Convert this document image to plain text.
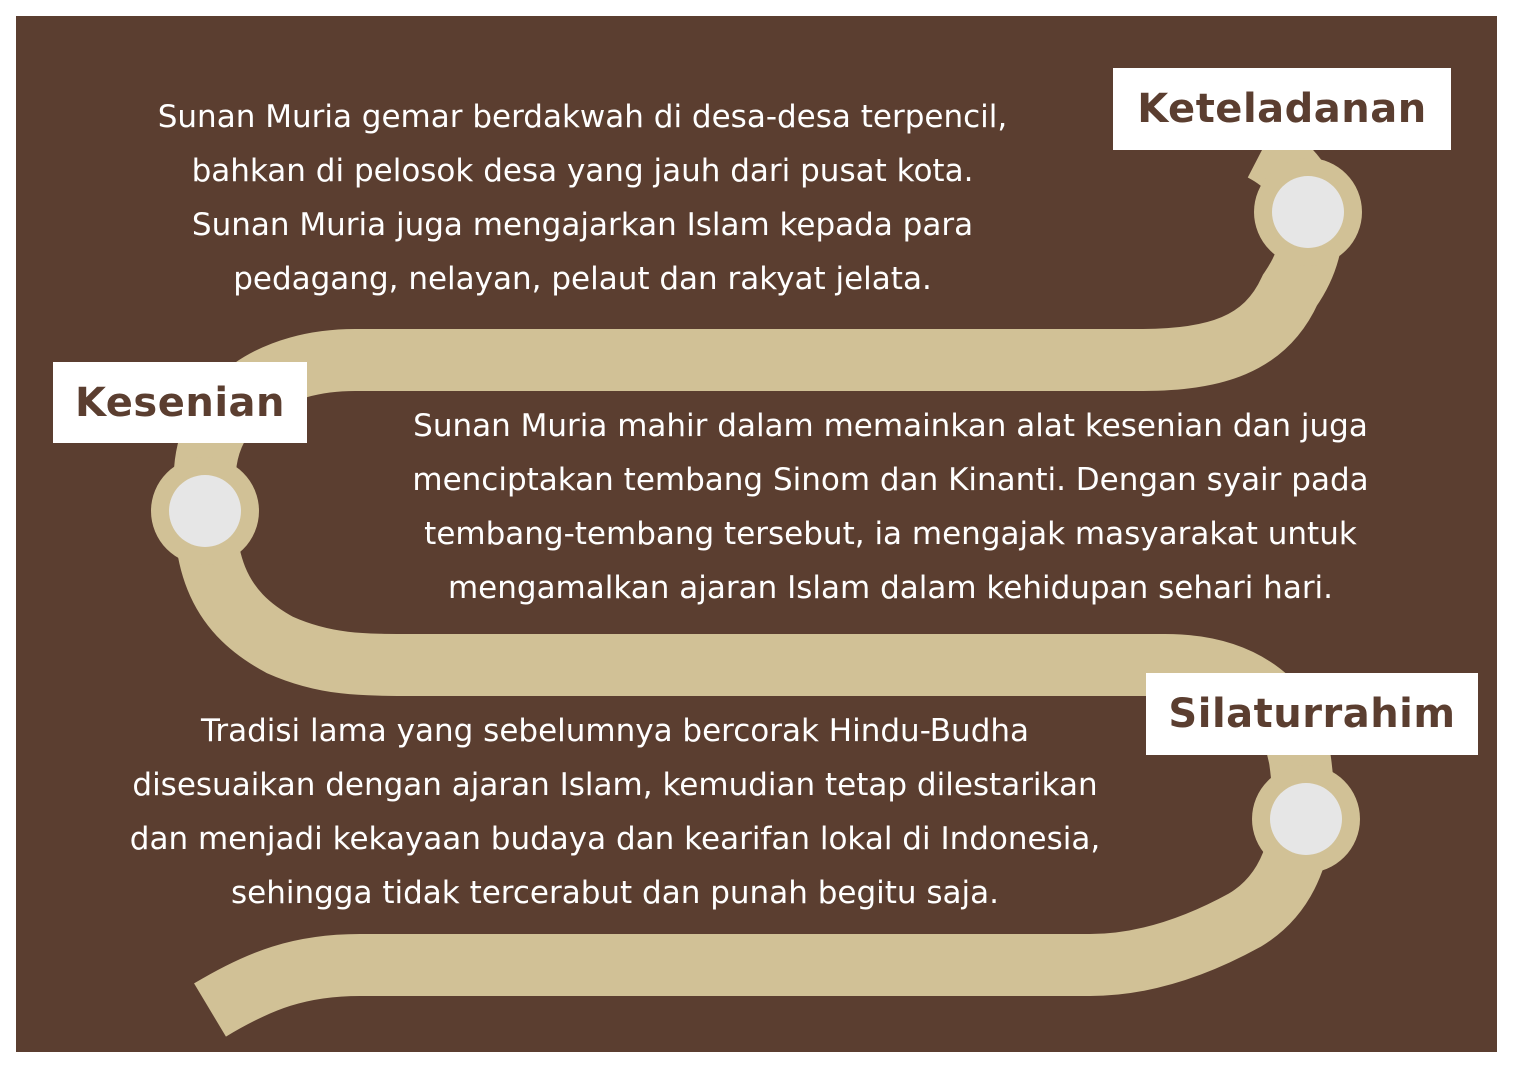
Sunan Muria gemar berdakwah di desa-desa terpencil,
bahkan di pelosok desa yang jauh dari pusat kota.
Sunan Muria juga mengajarkan Islam kepada para
pedagang, nelayan, pelaut dan rakyat jelata.
Keteladanan
Kesenian
Sunan Muria mahir dalam memainkan alat kesenian dan juga
menciptakan tembang Sinom dan Kinanti. Dengan syair pada
tembang-tembang tersebut, ia mengajak masyarakat untuk
mengamalkan ajaran Islam dalam kehidupan sehari hari.
Tradisi lama yang sebelumnya bercorak Hindu-Budha
disesuaikan dengan ajaran Islam, kemudian tetap dilestarikan
dan menjadi kekayaan budaya dan kearifan lokal di Indonesia,
sehingga tidak tercerabut dan punah begitu saja.
Silaturrahim
